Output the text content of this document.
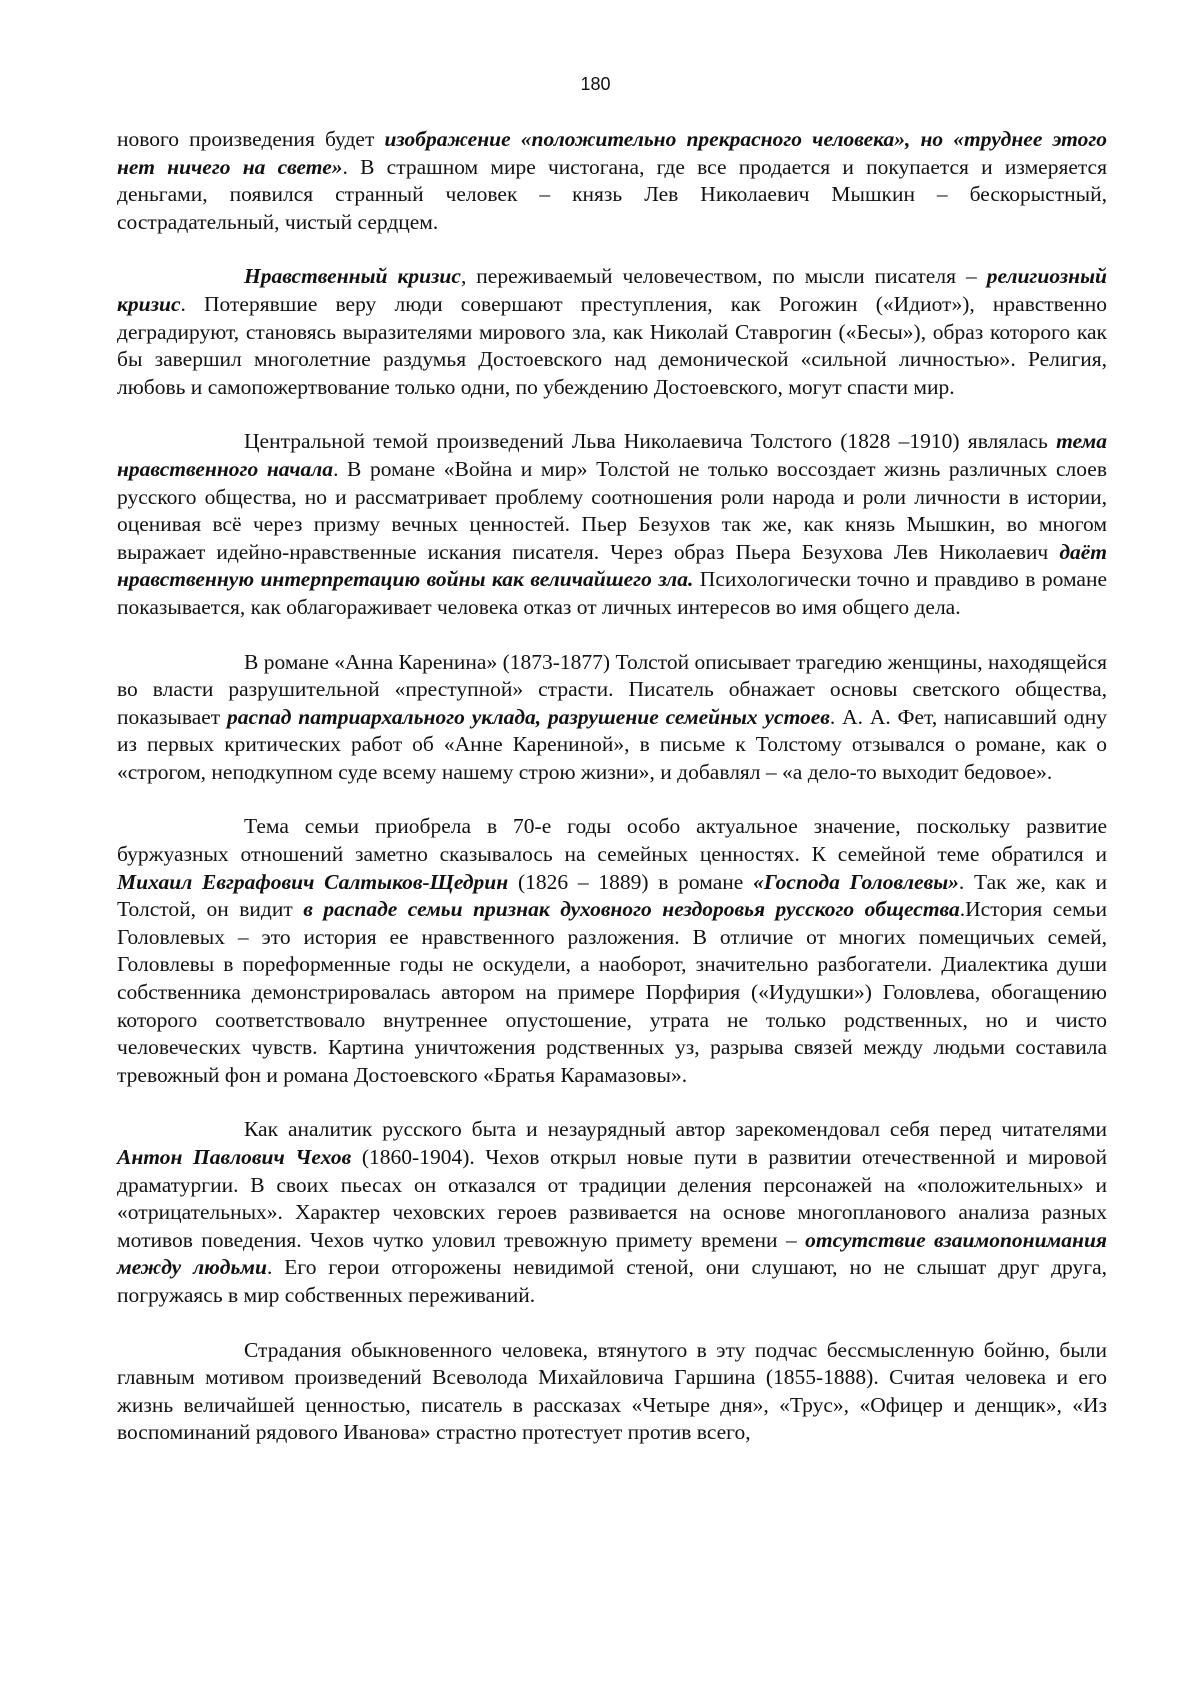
180

нового произведения будет изображение «положительно прекрасного человека», но «труднее этого нет ничего на свете». В страшном мире чистогана, где все продается и покупается и измеряется деньгами, появился странный человек – князь Лев Николаевич Мышкин – бескорыстный, сострадательный, чистый сердцем.

Нравственный кризис, переживаемый человечеством, по мысли писателя – религиозный кризис. Потерявшие веру люди совершают преступления, как Рогожин («Идиот»), нравственно деградируют, становясь выразителями мирового зла, как Николай Ставрогин («Бесы»), образ которого как бы завершил многолетние раздумья Достоевского над демонической «сильной личностью». Религия, любовь и самопожертвование только одни, по убеждению Достоевского, могут спасти мир.

Центральной темой произведений Льва Николаевича Толстого (1828 –1910) являлась тема нравственного начала. В романе «Война и мир» Толстой не только воссоздает жизнь различных слоев русского общества, но и рассматривает проблему соотношения роли народа и роли личности в истории, оценивая всё через призму вечных ценностей. Пьер Безухов так же, как князь Мышкин, во многом выражает идейно-нравственные искания писателя. Через образ Пьера Безухова Лев Николаевич даёт нравственную интерпретацию войны как величайшего зла. Психологически точно и правдиво в романе показывается, как облагораживает человека отказ от личных интересов во имя общего дела.

В романе «Анна Каренина» (1873-1877) Толстой описывает трагедию женщины, находящейся во власти разрушительной «преступной» страсти. Писатель обнажает основы светского общества, показывает распад патриархального уклада, разрушение семейных устоев. А. А. Фет, написавший одну из первых критических работ об «Анне Карениной», в письме к Толстому отзывался о романе, как о «строгом, неподкупном суде всему нашему строю жизни», и добавлял – «а дело-то выходит бедовое».

Тема семьи приобрела в 70-е годы особо актуальное значение, поскольку развитие буржуазных отношений заметно сказывалось на семейных ценностях. К семейной теме обратился и Михаил Евграфович Салтыков-Щедрин (1826 – 1889) в романе «Господа Головлевы». Так же, как и Толстой, он видит в распаде семьи признак духовного нездоровья русского общества.История семьи Головлевых – это история ее нравственного разложения. В отличие от многих помещичьих семей, Головлевы в пореформенные годы не оскудели, а наоборот, значительно разбогатели. Диалектика души собственника демонстрировалась автором на примере Порфирия («Иудушки») Головлева, обогащению которого соответствовало внутреннее опустошение, утрата не только родственных, но и чисто человеческих чувств. Картина уничтожения родственных уз, разрыва связей между людьми составила тревожный фон и романа Достоевского «Братья Карамазовы».

Как аналитик русского быта и незаурядный автор зарекомендовал себя перед читателями Антон Павлович Чехов (1860-1904). Чехов открыл новые пути в развитии отечественной и мировой драматургии. В своих пьесах он отказался от традиции деления персонажей на «положительных» и «отрицательных». Характер чеховских героев развивается на основе многопланового анализа разных мотивов поведения. Чехов чутко уловил тревожную примету времени – отсутствие взаимопонимания между людьми. Его герои отгорожены невидимой стеной, они слушают, но не слышат друг друга, погружаясь в мир собственных переживаний.

Страдания обыкновенного человека, втянутого в эту подчас бессмысленную бойню, были главным мотивом произведений Всеволода Михайловича Гаршина (1855-1888). Считая человека и его жизнь величайшей ценностью, писатель в рассказах «Четыре дня», «Трус», «Офицер и денщик», «Из воспоминаний рядового Иванова» страстно протестует против всего,
